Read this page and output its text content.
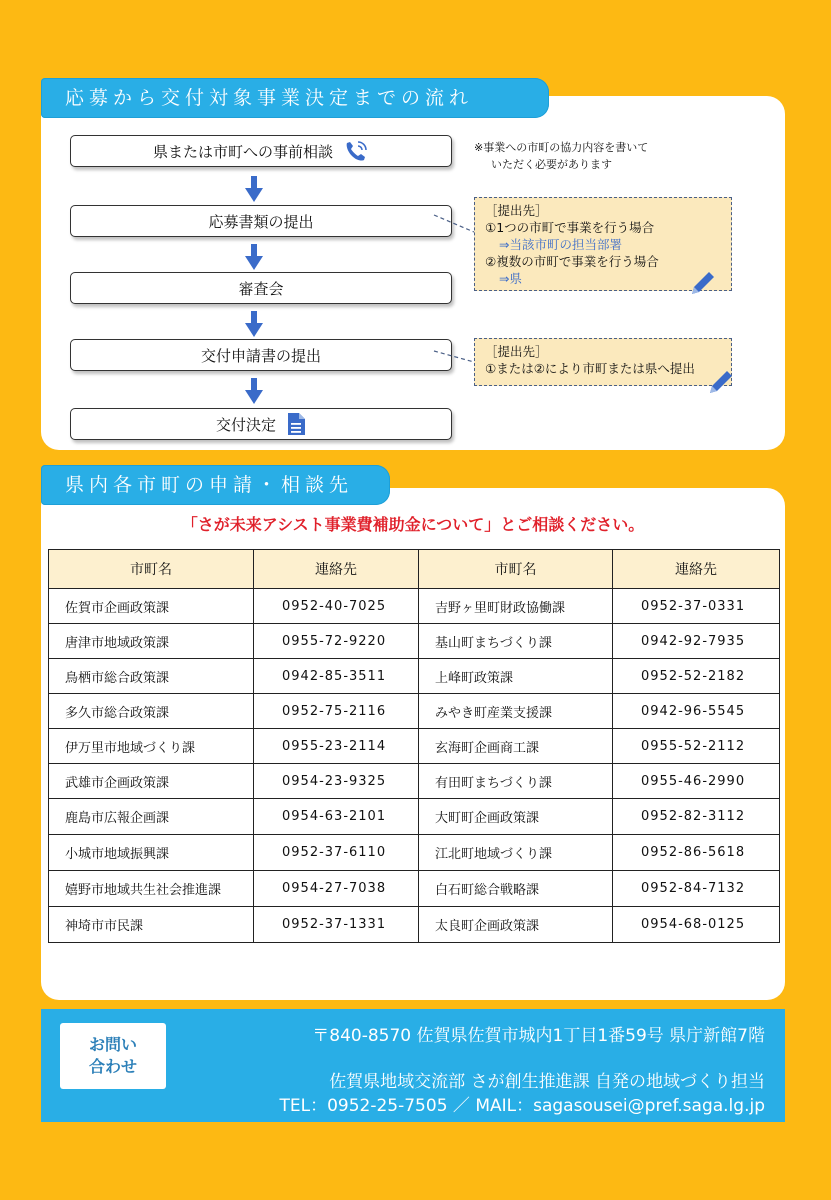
応募から交付対象事業決定までの流れ
県または市町への事前相談
応募書類の提出
審査会
交付申請書の提出
交付決定
※事業への市町の協力内容を書いて
いただく必要があります
［提出先］
①1つの市町で事業を行う場合
⇒当該市町の担当部署
②複数の市町で事業を行う場合
⇒県
［提出先］
①または②により市町または県へ提出
県内各市町の申請・相談先
「さが未来アシスト事業費補助金について」とご相談ください。
市町名	連絡先	市町名	連絡先
佐賀市企画政策課	0952-40-7025	吉野ヶ里町財政協働課	0952-37-0331
唐津市地域政策課	0955-72-9220	基山町まちづくり課	0942-92-7935
鳥栖市総合政策課	0942-85-3511	上峰町政策課	0952-52-2182
多久市総合政策課	0952-75-2116	みやき町産業支援課	0942-96-5545
伊万里市地域づくり課	0955-23-2114	玄海町企画商工課	0955-52-2112
武雄市企画政策課	0954-23-9325	有田町まちづくり課	0955-46-2990
鹿島市広報企画課	0954-63-2101	大町町企画政策課	0952-82-3112
小城市地域振興課	0952-37-6110	江北町地域づくり課	0952-86-5618
嬉野市地域共生社会推進課	0954-27-7038	白石町総合戦略課	0952-84-7132
神埼市市民課	0952-37-1331	太良町企画政策課	0954-68-0125
お問い
合わせ
〒840-8570 佐賀県佐賀市城内1丁目1番59号 県庁新館7階
佐賀県地域交流部 さが創生推進課 自発の地域づくり担当
TEL：0952-25-7505 ／ MAIL：sagasousei@pref.saga.lg.jp
